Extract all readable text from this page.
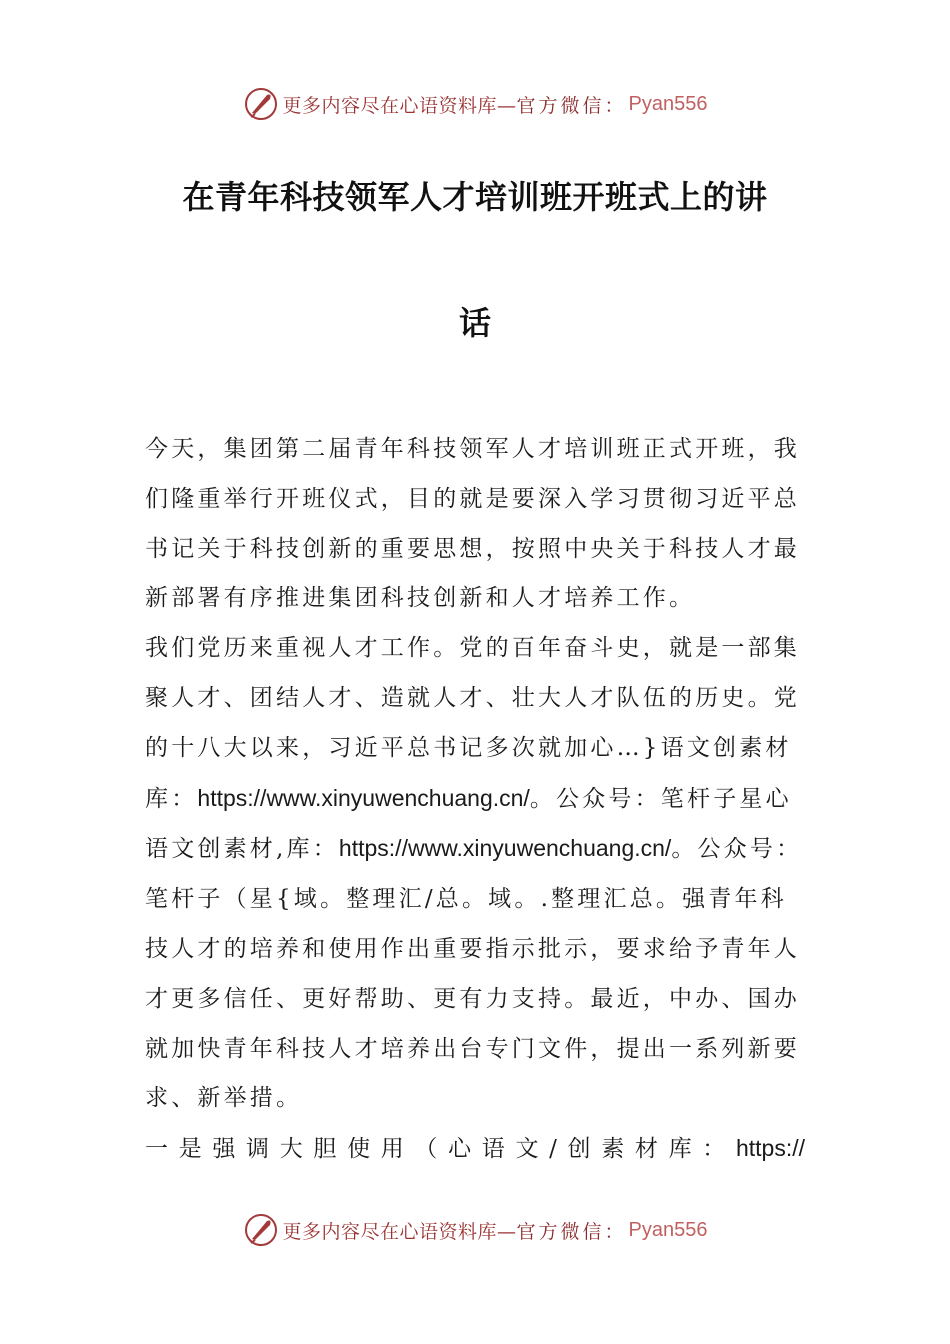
更多内容尽在心语资料库— 官方微信： Pyan556
在青年科技领军人才培训班开班式上的讲
话

今天，集团第二届青年科技领军人才培训班正式开班，我们隆重举行开班仪式，目的就是要深入学习贯彻习近平总书记关于科技创新的重要思想，按照中央关于科技人才最新部署有序推进集团科技创新和人才培养工作。

我们党历来重视人才工作。党的百年奋斗史，就是一部集聚人才、团结人才、造就人才、壮大人才队伍的历史。党的十八大以来，习近平总书记多次就加心…}语文创素材库：https://www.xinyuwenchuang.cn/。公众号：笔杆子星心语文创素材,库：https://www.xinyuwenchuang.cn/。公众号：笔杆子（星{域。整理汇/总。域。.整理汇总。强青年科技人才的培养和使用作出重要指示批示，要求给予青年人才更多信任、更好帮助、更有力支持。最近，中办、国办就加快青年科技人才培养出台专门文件，提出一系列新要求、新举措。

一是强调大胆使用（心语文/创素材库：https://

更多内容尽在心语资料库— 官方微信： Pyan556
